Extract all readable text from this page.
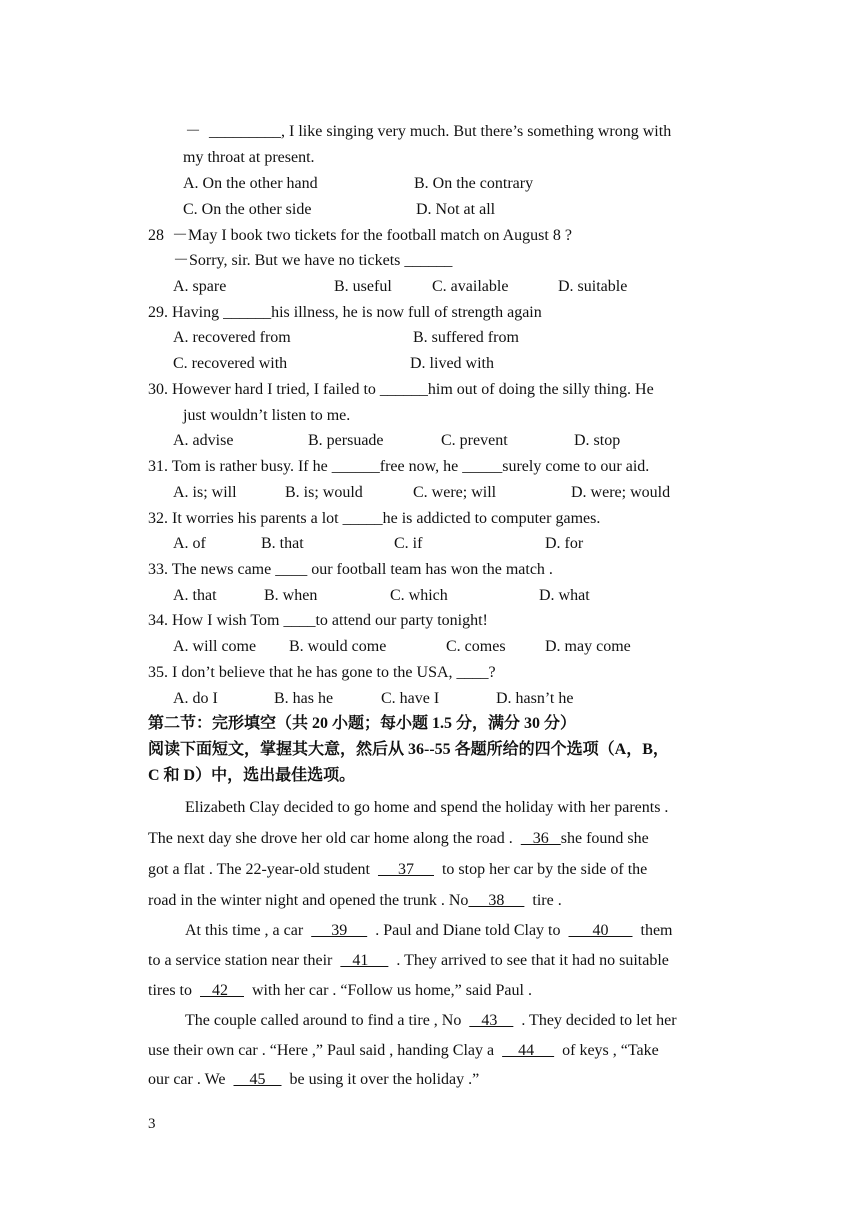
－ _________, I like singing very much. But there’s something wrong with
my throat at present.
A. On the other hand	B. On the contrary
C. On the other side	D. Not at all
28  －May I book two tickets for the football match on August 8 ?
－Sorry, sir. But we have no tickets ______
A. spare	B. useful	C. available	D. suitable
29. Having ______his illness, he is now full of strength again
A. recovered from	B. suffered from
C. recovered with	D. lived with
30. However hard I tried, I failed to ______him out of doing the silly thing. He
just wouldn’t listen to me.
A. advise	B. persuade	C. prevent	D. stop
31. Tom is rather busy. If he ______free now, he _____surely come to our aid.
A. is; will	B. is; would	C. were; will	D. were; would
32. It worries his parents a lot _____he is addicted to computer games.
A. of	B. that	C. if	D. for
33. The news came ____ our football team has won the match .
A. that	B. when	C. which	D. what
34. How I wish Tom ____to attend our party tonight!
A. will come B. would come	C. comes D. may come
35. I don’t believe that he has gone to the USA, ____?
A. do I	B. has he	C. have I	D. hasn’t he
第二节：完形填空（共 20 小题；每小题 1.5 分，满分 30 分）
阅读下面短文，掌握其大意，然后从 36--55 各题所给的四个选项（A，B，
C 和 D）中，选出最佳选项。
Elizabeth Clay decided to go home and spend the holiday with her parents .
The next day she drove her old car home along the road .     36   she found she
got a flat . The 22-year-old student       37       to stop her car by the side of the
road in the winter night and opened the trunk . No     38       tire .
At this time , a car       39       . Paul and Diane told Clay to        40        them
to a service station near their     41       . They arrived to see that it had no suitable
tires to     42      with her car . “Follow us home,” said Paul .
The couple called around to find a tire , No     43      . They decided to let her
use their own car . “Here ,” Paul said , handing Clay a      44       of keys , “Take
our car . We      45      be using it over the holiday .”
3
